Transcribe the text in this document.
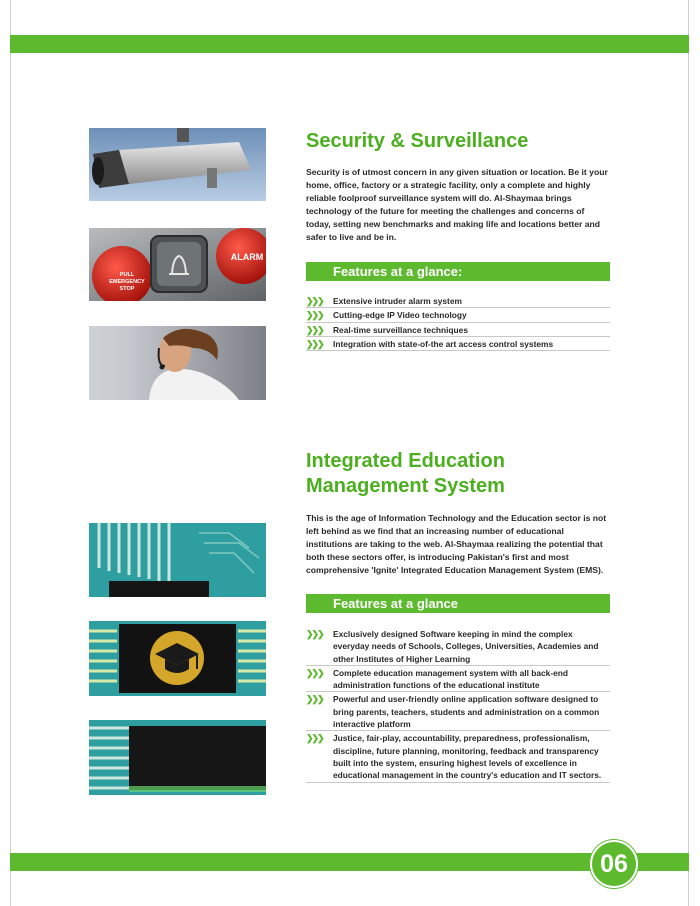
PULL
EMERGENCY
STOP
ALARM
Security & Surveillance

Security is of utmost concern in any given situation or location. Be it your home, office, factory or a strategic facility, only a complete and highly reliable foolproof surveillance system will do. Al-Shaymaa brings technology of the future for meeting the challenges and concerns of today, setting new benchmarks and making life and locations better and safer to live and be in.

Features at a glance:
❯❯❯ Extensive intruder alarm system
❯❯❯ Cutting-edge IP Video technology
❯❯❯ Real-time surveillance techniques
❯❯❯ Integration with state-of-the art access control systems
Integrated Education
Management System

This is the age of Information Technology and the Education sector is not left behind as we find that an increasing number of educational institutions are taking to the web. Al-Shaymaa realizing the potential that both these sectors offer, is introducing Pakistan's first and most comprehensive 'Ignite' Integrated Education Management System (EMS).

Features at a glance
❯❯❯ Exclusively designed Software keeping in mind the complex everyday needs of Schools, Colleges, Universities, Academies and other Institutes of Higher Learning
❯❯❯ Complete education management system with all back-end administration functions of the educational institute
❯❯❯ Powerful and user-friendly online application software designed to bring parents, teachers, students and administration on a common interactive platform
❯❯❯ Justice, fair-play, accountability, preparedness, professionalism, discipline, future planning, monitoring, feedback and transparency built into the system, ensuring highest levels of excellence in educational management in the country's education and IT sectors.
06
